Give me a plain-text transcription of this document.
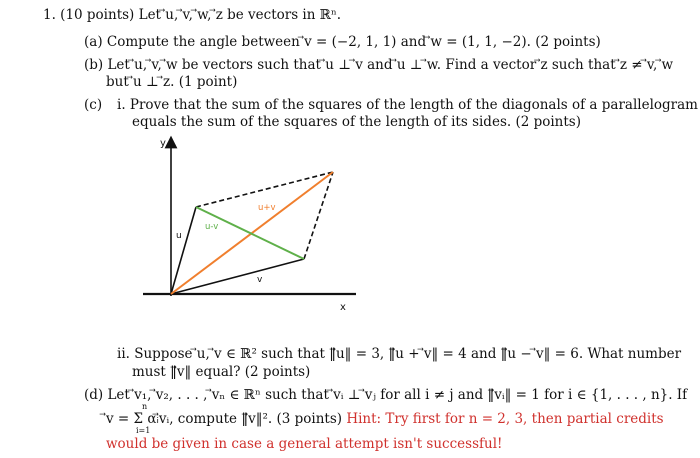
1. (10 points) Let ⃗u, ⃗v, ⃗w, ⃗z be vectors in ℝⁿ.
(a) Compute the angle between ⃗v = (−2, 1, 1) and ⃗w = (1, 1, −2). (2 points)
(b) Let ⃗u, ⃗v, ⃗w be vectors such that ⃗u ⊥ ⃗v and ⃗u ⊥ ⃗w. Find a vector ⃗z such that ⃗z ≠ ⃗v, ⃗w
but ⃗u ⊥ ⃗z. (1 point)
(c) i. Prove that the sum of the squares of the length of the diagonals of a parallelogram
equals the sum of the squares of the length of its sides. (2 points)
y
x
u
v
u+v
u-v
ii. Suppose ⃗u, ⃗v ∈ ℝ² such that ‖⃗u‖ = 3, ‖⃗u + ⃗v‖ = 4 and ‖⃗u − ⃗v‖ = 6. What number
must ‖⃗v‖ equal? (2 points)
(d) Let ⃗v₁, ⃗v₂, . . . , ⃗vₙ ∈ ℝⁿ such that ⃗vᵢ ⊥ ⃗vⱼ for all i ≠ j and ‖⃗vᵢ‖ = 1 for i ∈ {1, . . . , n}. If
n
⃗v = Σ αᵢ⃗vᵢ, compute ‖⃗v‖². (3 points) Hint: Try first for n = 2, 3, then partial credits
i=1
would be given in case a general attempt isn't successful!
